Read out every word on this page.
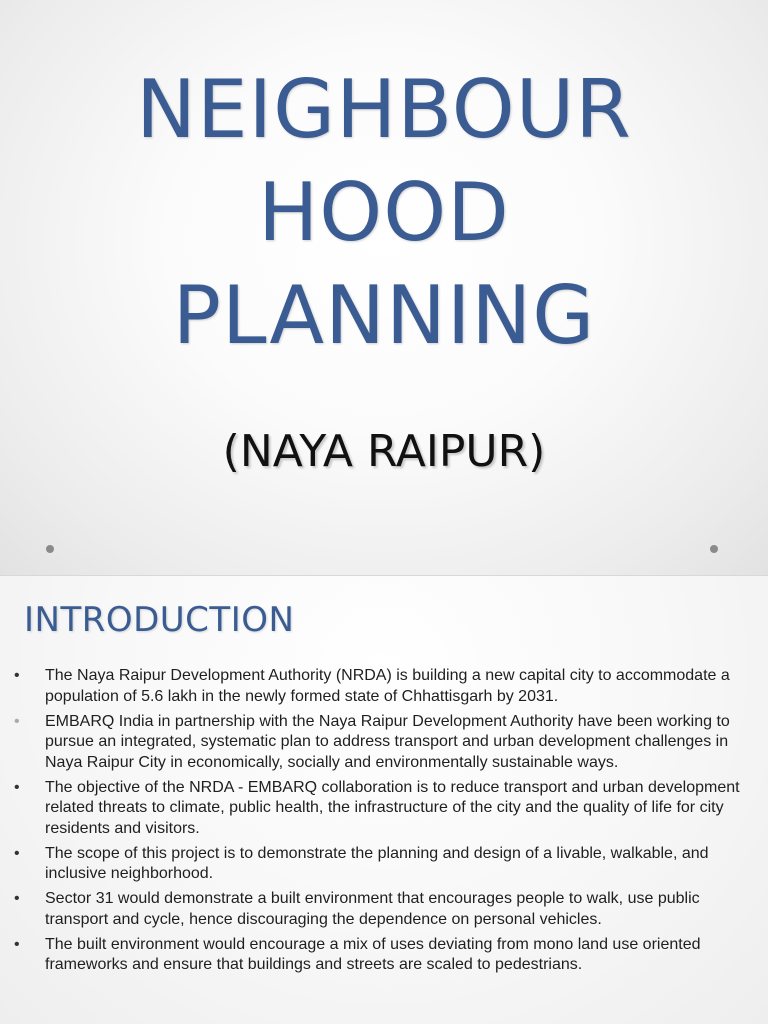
NEIGHBOUR
HOOD
PLANNING
(NAYA RAIPUR)
INTRODUCTION
• The Naya Raipur Development Authority (NRDA) is building a new capital city to accommodate a population of 5.6 lakh in the newly formed state of Chhattisgarh by 2031.
• EMBARQ India in partnership with the Naya Raipur Development Authority have been working to pursue an integrated, systematic plan to address transport and urban development challenges in Naya Raipur City in economically, socially and environmentally sustainable ways.
• The objective of the NRDA - EMBARQ collaboration is to reduce transport and urban development related threats to climate, public health, the infrastructure of the city and the quality of life for city residents and visitors.
• The scope of this project is to demonstrate the planning and design of a livable, walkable, and inclusive neighborhood.
• Sector 31 would demonstrate a built environment that encourages people to walk, use public transport and cycle, hence discouraging the dependence on personal vehicles.
• The built environment would encourage a mix of uses deviating from mono land use oriented frameworks and ensure that buildings and streets are scaled to pedestrians.
